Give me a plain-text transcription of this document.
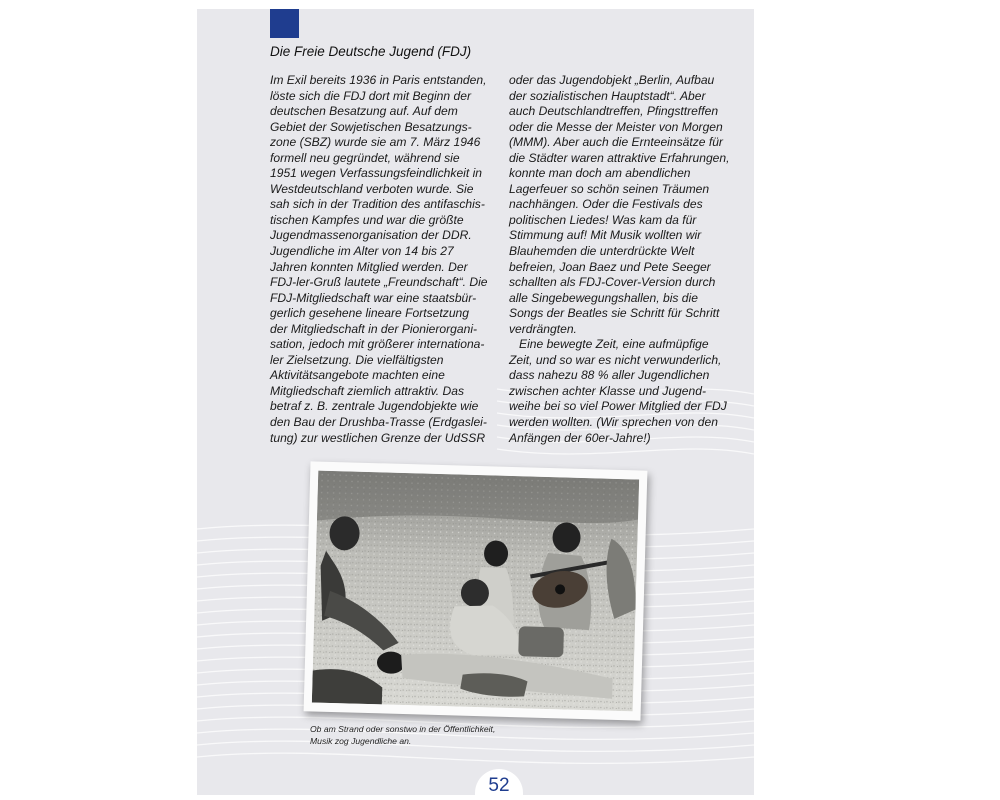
Die Freie Deutsche Jugend (FDJ)
Im Exil bereits 1936 in Paris entstanden,
löste sich die FDJ dort mit Beginn der
deutschen Besatzung auf. Auf dem
Gebiet der Sowjetischen Besatzungs-
zone (SBZ) wurde sie am 7. März 1946
formell neu gegründet, während sie
1951 wegen Verfassungsfeindlichkeit in
Westdeutschland verboten wurde. Sie
sah sich in der Tradition des antifaschis-
tischen Kampfes und war die größte
Jugendmassenorganisation der DDR.
Jugendliche im Alter von 14 bis 27
Jahren konnten Mitglied werden. Der
FDJ-ler-Gruß lautete „Freundschaft“. Die
FDJ-Mitgliedschaft war eine staatsbür-
gerlich gesehene lineare Fortsetzung
der Mitgliedschaft in der Pionierorgani-
sation, jedoch mit größerer internationa-
ler Zielsetzung. Die vielfältigsten
Aktivitätsangebote machten eine
Mitgliedschaft ziemlich attraktiv. Das
betraf z. B. zentrale Jugendobjekte wie
den Bau der Drushba-Trasse (Erdgaslei-
tung) zur westlichen Grenze der UdSSR
oder das Jugendobjekt „Berlin, Aufbau
der sozialistischen Hauptstadt“. Aber
auch Deutschlandtreffen, Pfingsttreffen
oder die Messe der Meister von Morgen
(MMM). Aber auch die Ernteeinsätze für
die Städter waren attraktive Erfahrungen,
konnte man doch am abendlichen
Lagerfeuer so schön seinen Träumen
nachhängen. Oder die Festivals des
politischen Liedes! Was kam da für
Stimmung auf! Mit Musik wollten wir
Blauhemden die unterdrückte Welt
befreien, Joan Baez und Pete Seeger
schallten als FDJ-Cover-Version durch
alle Singebewegungshallen, bis die
Songs der Beatles sie Schritt für Schritt
verdrängten.
Eine bewegte Zeit, eine aufmüpfige
Zeit, und so war es nicht verwunderlich,
dass nahezu 88 % aller Jugendlichen
zwischen achter Klasse und Jugend-
weihe bei so viel Power Mitglied der FDJ
werden wollten. (Wir sprechen von den
Anfängen der 60er-Jahre!)
Ob am Strand oder sonstwo in der Öffentlichkeit,
Musik zog Jugendliche an.
52
